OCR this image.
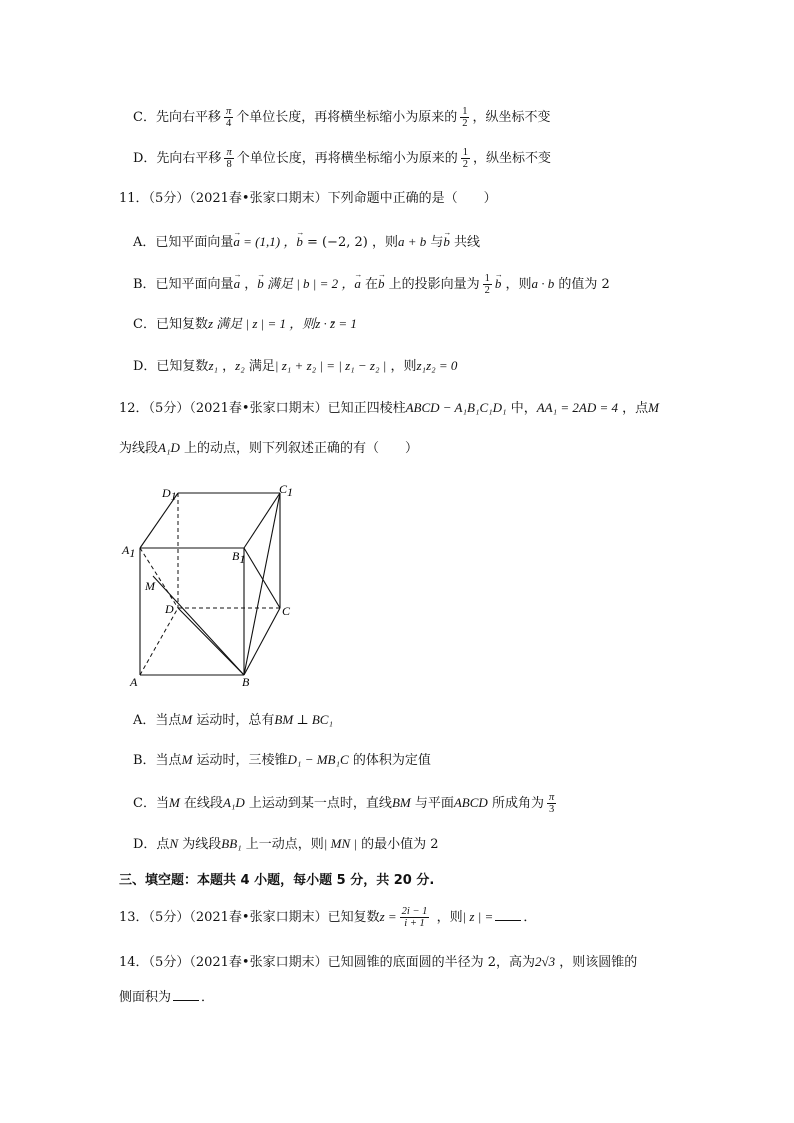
C．先向右平移 $\frac{\pi}{4}$ 个单位长度，再将横坐标缩小为原来的 $\frac{1}{2}$ ，纵坐标不变
D．先向右平移 $\frac{\pi}{8}$ 个单位长度，再将横坐标缩小为原来的 $\frac{1}{2}$ ，纵坐标不变
11．（5分）（2021春•张家口期末）下列命题中正确的是（　　）
A．已知平面向量→ a = (1,1) ，→ b = (−2, 2) ，则a + b 与→ b 共线
B．已知平面向量→ a ，→ b 满足 | b | = 2 ，→ a 在→ b 上的投影向量为 $\frac{1}{2}$
→ b ，则a · b 的值为 2
C．已知复数z 满足 | z | = 1 ，则z · z̄ = 1
D．已知复数z₁ ，z₂ 满足| z₁ + z₂ | = | z₁ − z₂ | ，则z₁z₂ = 0
12．（5分）（2021春•张家口期末）已知正四棱柱ABCD − A₁B₁C₁D₁ 中，AA₁ = 2AD = 4 ，点M
为线段A₁D 上的动点，则下列叙述正确的有（　　）
D1	C1
A1	B1
M
D	C
A	B
A．当点M 运动时，总有BM ⊥ BC₁
B．当点M 运动时，三棱锥D₁ − MB₁C 的体积为定值
C．当M 在线段A₁D 上运动到某一点时，直线BM 与平面ABCD 所成角为 $\frac{\pi}{3}$
D．点N 为线段BB₁ 上一动点，则| MN | 的最小值为 2
三、填空题：本题共 4 小题，每小题 5 分，共 20 分.
13．（5分）（2021春•张家口期末）已知复数$z = \frac{2i - 1}{i + 1}$ ，则| z | = ．
14．（5分）（2021春•张家口期末）已知圆锥的底面圆的半径为 2，高为2√3 ，则该圆锥的
侧面积为 ．
